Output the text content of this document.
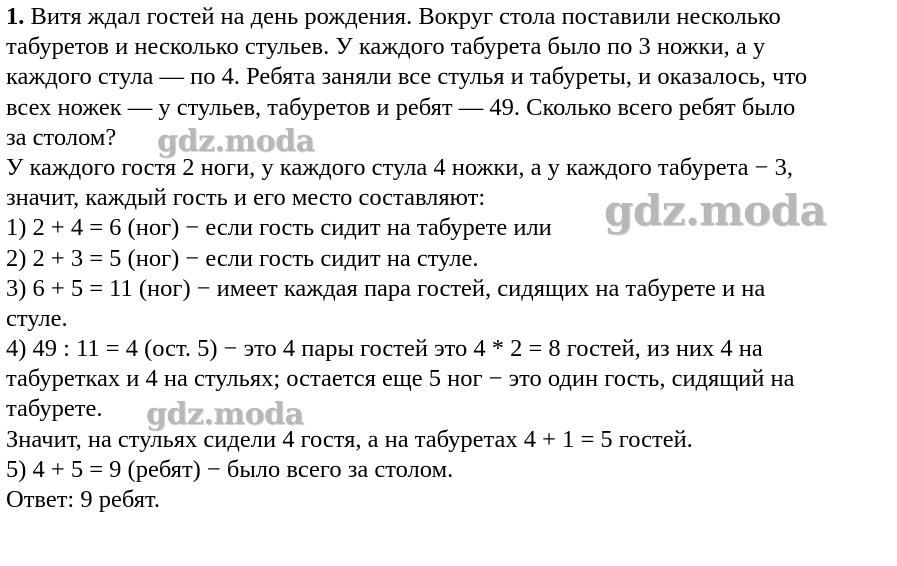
1. Витя ждал гостей на день рождения. Вокруг стола поставили несколько
табуретов и несколько стульев. У каждого табурета было по 3 ножки, а у
каждого стула — по 4. Ребята заняли все стулья и табуреты, и оказалось, что
всех ножек — у стульев, табуретов и ребят — 49. Сколько всего ребят было
за столом?
У каждого гостя 2 ноги, у каждого стула 4 ножки, а у каждого табурета − 3,
значит, каждый гость и его место составляют:
1) 2 + 4 = 6 (ног) − если гость сидит на табурете или
2) 2 + 3 = 5 (ног) − если гость сидит на стуле.
3) 6 + 5 = 11 (ног) − имеет каждая пара гостей, сидящих на табурете и на
стуле.
4) 49 : 11 = 4 (ост. 5) − это 4 пары гостей это 4 * 2 = 8 гостей, из них 4 на
табуретках и 4 на стульях; остается еще 5 ног − это один гость, сидящий на
табурете.
Значит, на стульях сидели 4 гостя, а на табуретах 4 + 1 = 5 гостей.
5) 4 + 5 = 9 (ребят) − было всего за столом.
Ответ: 9 ребят.
gdz.moda
gdz.moda
gdz.moda
